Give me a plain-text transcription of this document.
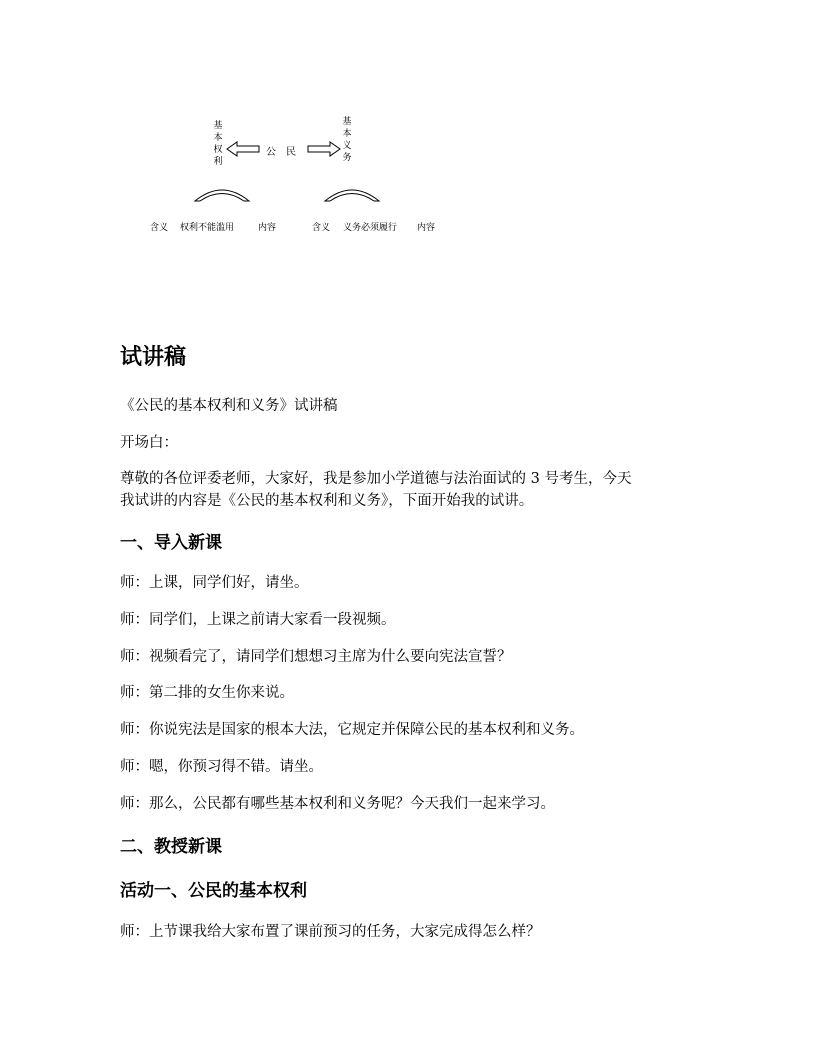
基
本
权
利
基
本
义
务
公　民
含义 权利不能滥用	内容	含义 义务必须履行 内容
试讲稿
《公民的基本权利和义务》试讲稿
开场白：
尊敬的各位评委老师，大家好，我是参加小学道德与法治面试的 3 号考生，今天
我试讲的内容是《公民的基本权利和义务》，下面开始我的试讲。
一、导入新课
师：上课，同学们好，请坐。
师：同学们，上课之前请大家看一段视频。
师：视频看完了，请同学们想想习主席为什么要向宪法宣誓？
师：第二排的女生你来说。
师：你说宪法是国家的根本大法，它规定并保障公民的基本权利和义务。
师：嗯，你预习得不错。请坐。
师：那么，公民都有哪些基本权利和义务呢？今天我们一起来学习。
二、教授新课
活动一、公民的基本权利
师：上节课我给大家布置了课前预习的任务，大家完成得怎么样？
